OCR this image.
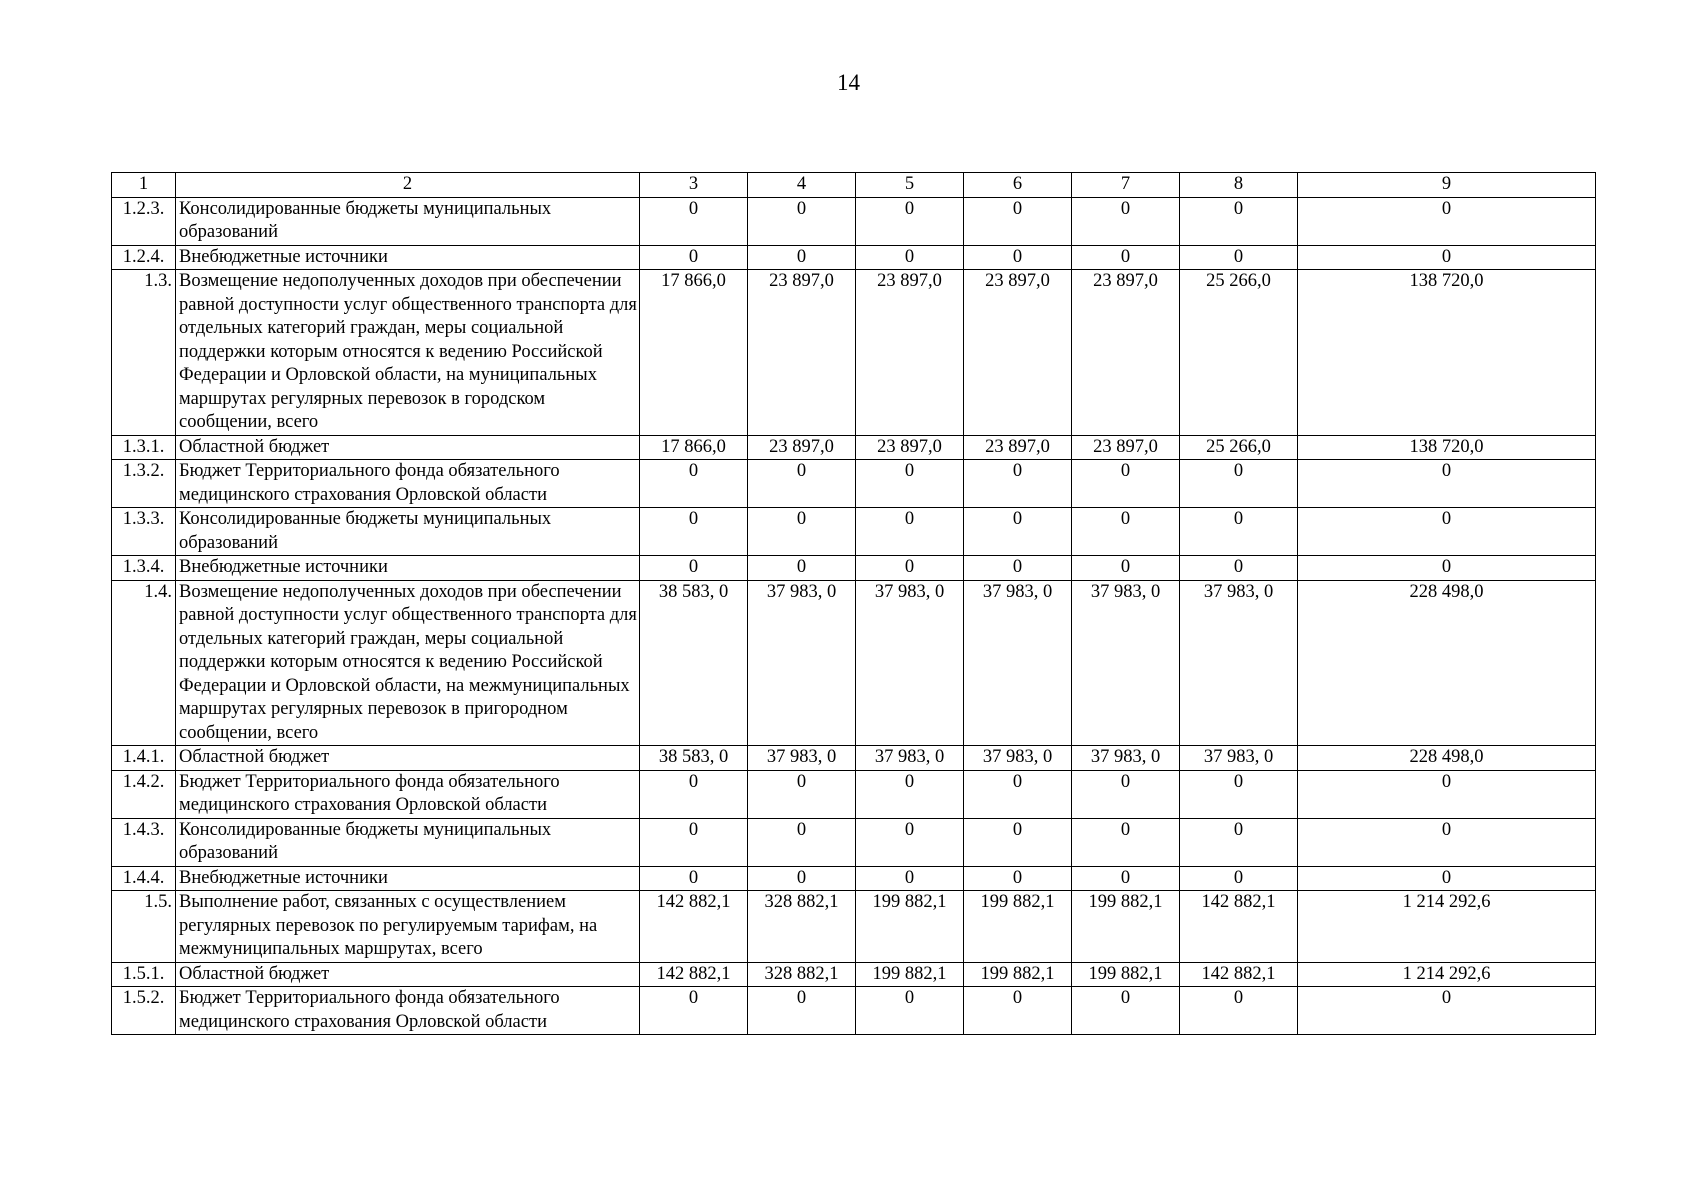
14
1	2	3	4	5	6	7	8	9
1.2.3.	Консолидированные бюджеты муниципальных образований	0	0	0	0	0	0	0
1.2.4.	Внебюджетные источники	0	0	0	0	0	0	0
1.3.	Возмещение недополученных доходов при обеспечении равной доступности услуг общественного транспорта для отдельных категорий граждан, меры социальной поддержки которым относятся к ведению Российской Федерации и Орловской области, на муниципальных маршрутах регулярных перевозок в городском сообщении, всего	17 866,0	23 897,0	23 897,0	23 897,0	23 897,0	25 266,0	138 720,0
1.3.1.	Областной бюджет	17 866,0	23 897,0	23 897,0	23 897,0	23 897,0	25 266,0	138 720,0
1.3.2.	Бюджет Территориального фонда обязательного медицинского страхования Орловской области	0	0	0	0	0	0	0
1.3.3.	Консолидированные бюджеты муниципальных образований	0	0	0	0	0	0	0
1.3.4.	Внебюджетные источники	0	0	0	0	0	0	0
1.4.	Возмещение недополученных доходов при обеспечении равной доступности услуг общественного транспорта для отдельных категорий граждан, меры социальной поддержки которым относятся к ведению Российской Федерации и Орловской области, на межмуниципальных маршрутах регулярных перевозок в пригородном сообщении, всего	38 583, 0	37 983, 0	37 983, 0	37 983, 0	37 983, 0	37 983, 0	228 498,0
1.4.1.	Областной бюджет	38 583, 0	37 983, 0	37 983, 0	37 983, 0	37 983, 0	37 983, 0	228 498,0
1.4.2.	Бюджет Территориального фонда обязательного медицинского страхования Орловской области	0	0	0	0	0	0	0
1.4.3.	Консолидированные бюджеты муниципальных образований	0	0	0	0	0	0	0
1.4.4.	Внебюджетные источники	0	0	0	0	0	0	0
1.5.	Выполнение работ, связанных с осуществлением регулярных перевозок по регулируемым тарифам, на межмуниципальных маршрутах, всего	142 882,1	328 882,1	199 882,1	199 882,1	199 882,1	142 882,1	1 214 292,6
1.5.1.	Областной бюджет	142 882,1	328 882,1	199 882,1	199 882,1	199 882,1	142 882,1	1 214 292,6
1.5.2.	Бюджет Территориального фонда обязательного медицинского страхования Орловской области	0	0	0	0	0	0	0
